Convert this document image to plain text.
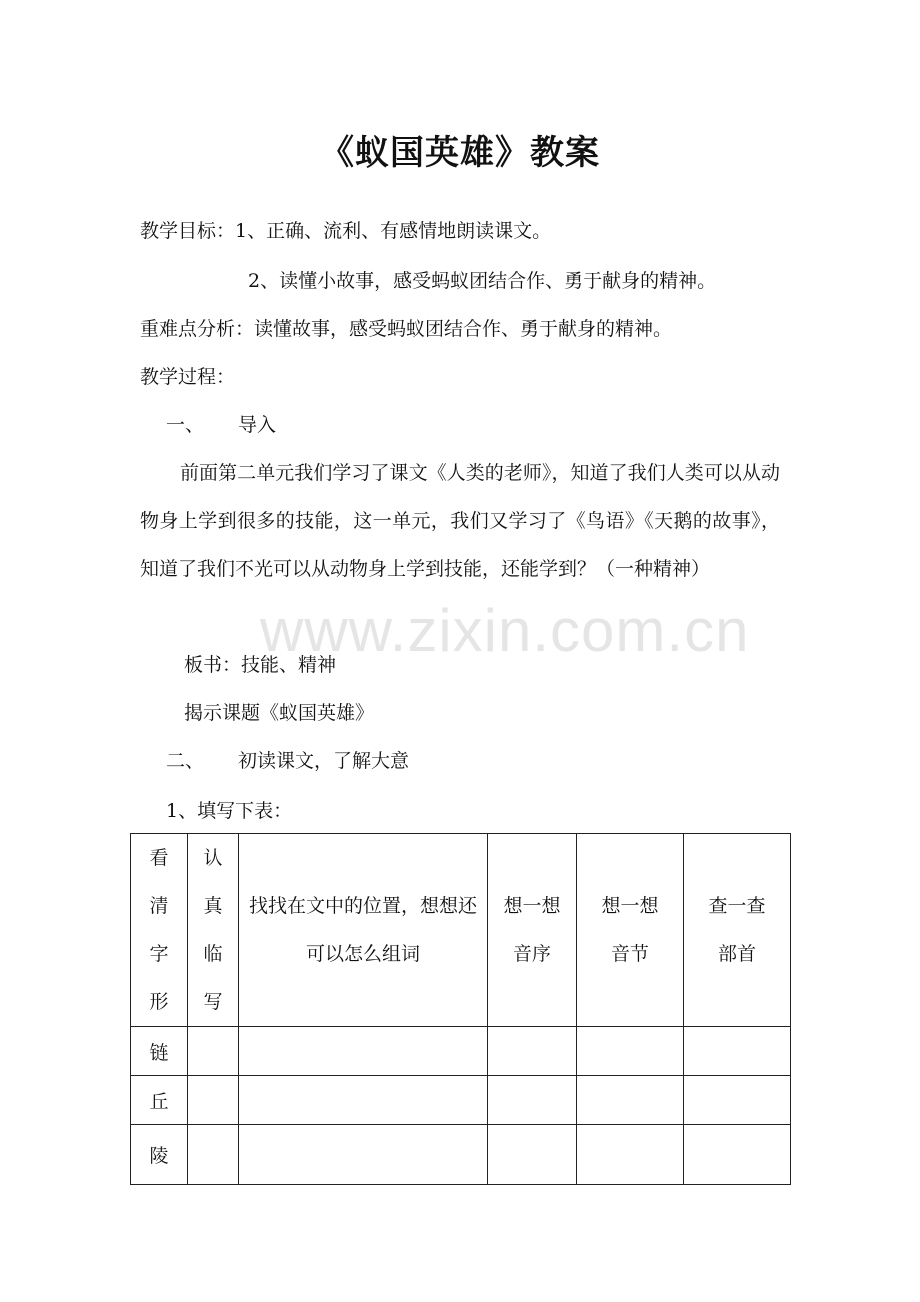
《蚁国英雄》教案
教学目标：1、正确、流利、有感情地朗读课文。
2、读懂小故事，感受蚂蚁团结合作、勇于献身的精神。
重难点分析：读懂故事，感受蚂蚁团结合作、勇于献身的精神。
教学过程：
一、 导入
前面第二单元我们学习了课文《人类的老师》，知道了我们人类可以从动物身上学到很多的技能，这一单元，我们又学习了《鸟语》《天鹅的故事》，知道了我们不光可以从动物身上学到技能，还能学到？（一种精神）
板书：技能、精神
揭示课题《蚁国英雄》
二、 初读课文，了解大意
1、填写下表：
www.zixin.com.cn
看清字形	认真临写	找找在文中的位置，想想还可以怎么组词	想一想音序	想一想音节	查一查部首

链					
丘					
陵					
